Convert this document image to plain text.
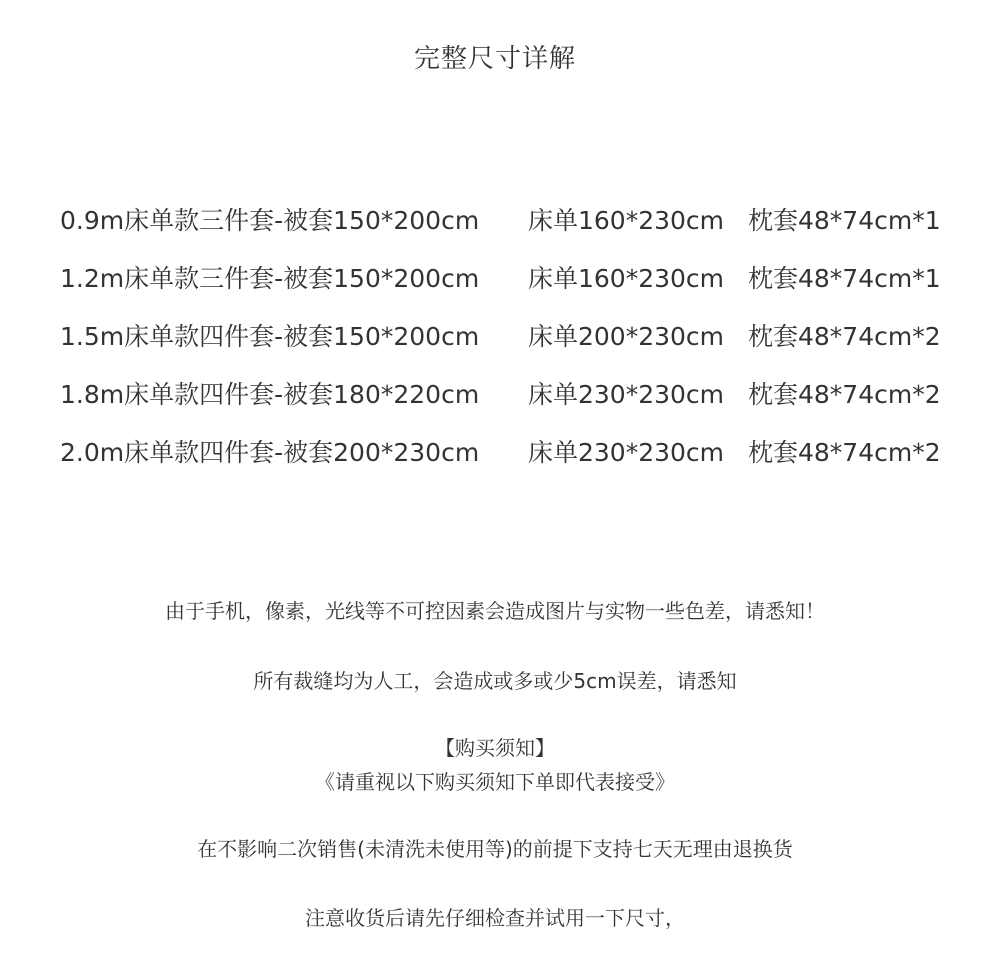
完整尺寸详解
0.9m床单款三件套-被套150*200cm	床单160*230cm 枕套48*74cm*1
1.2m床单款三件套-被套150*200cm	床单160*230cm 枕套48*74cm*1
1.5m床单款四件套-被套150*200cm	床单200*230cm 枕套48*74cm*2
1.8m床单款四件套-被套180*220cm	床单230*230cm 枕套48*74cm*2
2.0m床单款四件套-被套200*230cm	床单230*230cm 枕套48*74cm*2
由于手机，像素，光线等不可控因素会造成图片与实物一些色差，请悉知！
所有裁缝均为人工，会造成或多或少5cm误差，请悉知
【购买须知】
《请重视以下购买须知下单即代表接受》
在不影响二次销售(未清洗未使用等)的前提下支持七天无理由退换货
注意收货后请先仔细检查并试用一下尺寸，
